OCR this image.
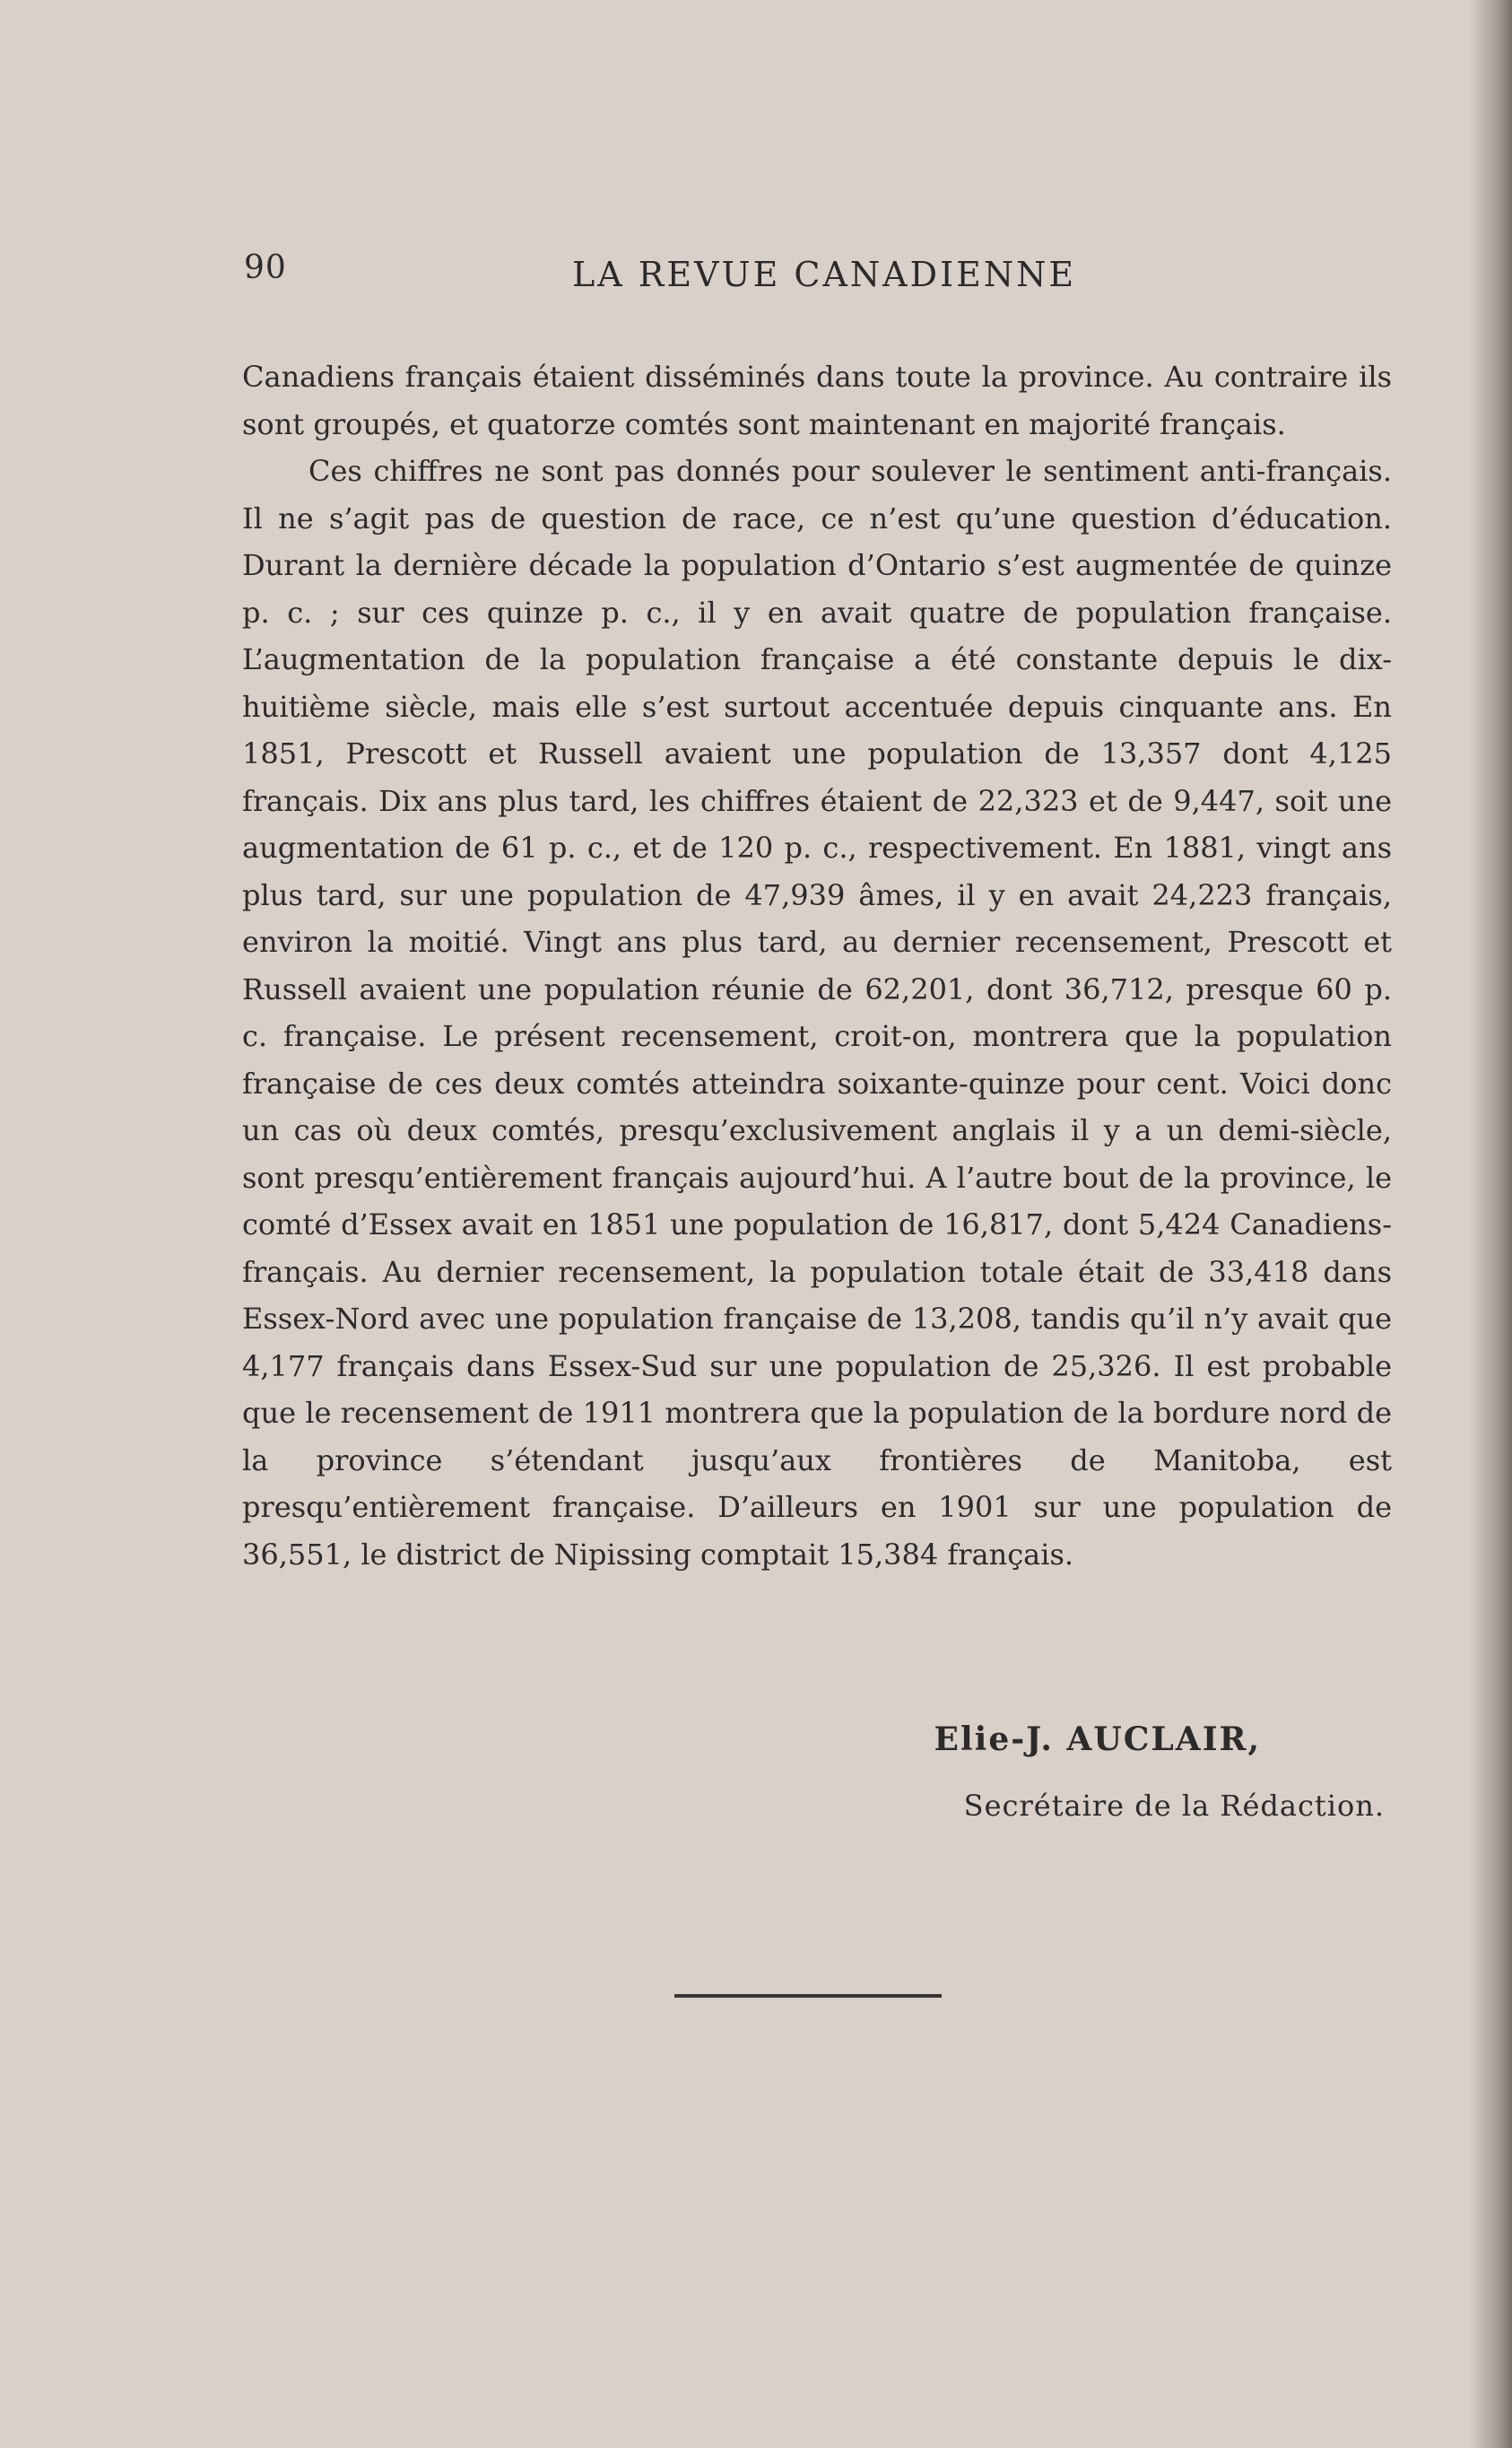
90	LA REVUE CANADIENNE

Canadiens français étaient disséminés dans toute la province. Au contraire ils sont groupés, et quatorze comtés sont maintenant en majorité français.

Ces chiffres ne sont pas donnés pour soulever le sentiment anti-français. Il ne s’agit pas de question de race, ce n’est qu’une question d’éducation. Durant la dernière décade la population d’Ontario s’est augmentée de quinze p. c. ; sur ces quinze p. c., il y en avait quatre de population française. L’augmentation de la population française a été constante depuis le dix-huitième siècle, mais elle s’est surtout accentuée depuis cinquante ans. En 1851, Prescott et Russell avaient une population de 13,357 dont 4,125 français. Dix ans plus tard, les chiffres étaient de 22,323 et de 9,447, soit une augmentation de 61 p. c., et de 120 p. c., respectivement. En 1881, vingt ans plus tard, sur une population de 47,939 âmes, il y en avait 24,223 français, environ la moitié. Vingt ans plus tard, au dernier recensement, Prescott et Russell avaient une population réunie de 62,201, dont 36,712, presque 60 p. c. française. Le présent recensement, croit-on, montrera que la population française de ces deux comtés atteindra soixante-quinze pour cent. Voici donc un cas où deux comtés, presqu’exclusivement anglais il y a un demi-siècle, sont presqu’entièrement français aujourd’hui. A l’autre bout de la province, le comté d’Essex avait en 1851 une population de 16,817, dont 5,424 Canadiens-français. Au dernier recensement, la population totale était de 33,418 dans Essex-Nord avec une population française de 13,208, tandis qu’il n’y avait que 4,177 français dans Essex-Sud sur une population de 25,326. Il est probable que le recensement de 1911 montrera que la population de la bordure nord de la province s’étendant jusqu’aux frontières de Manitoba, est presqu’entièrement française. D’ailleurs en 1901 sur une population de 36,551, le district de Nipissing comptait 15,384 français.

Elie-J. AUCLAIR,
Secrétaire de la Rédaction.
